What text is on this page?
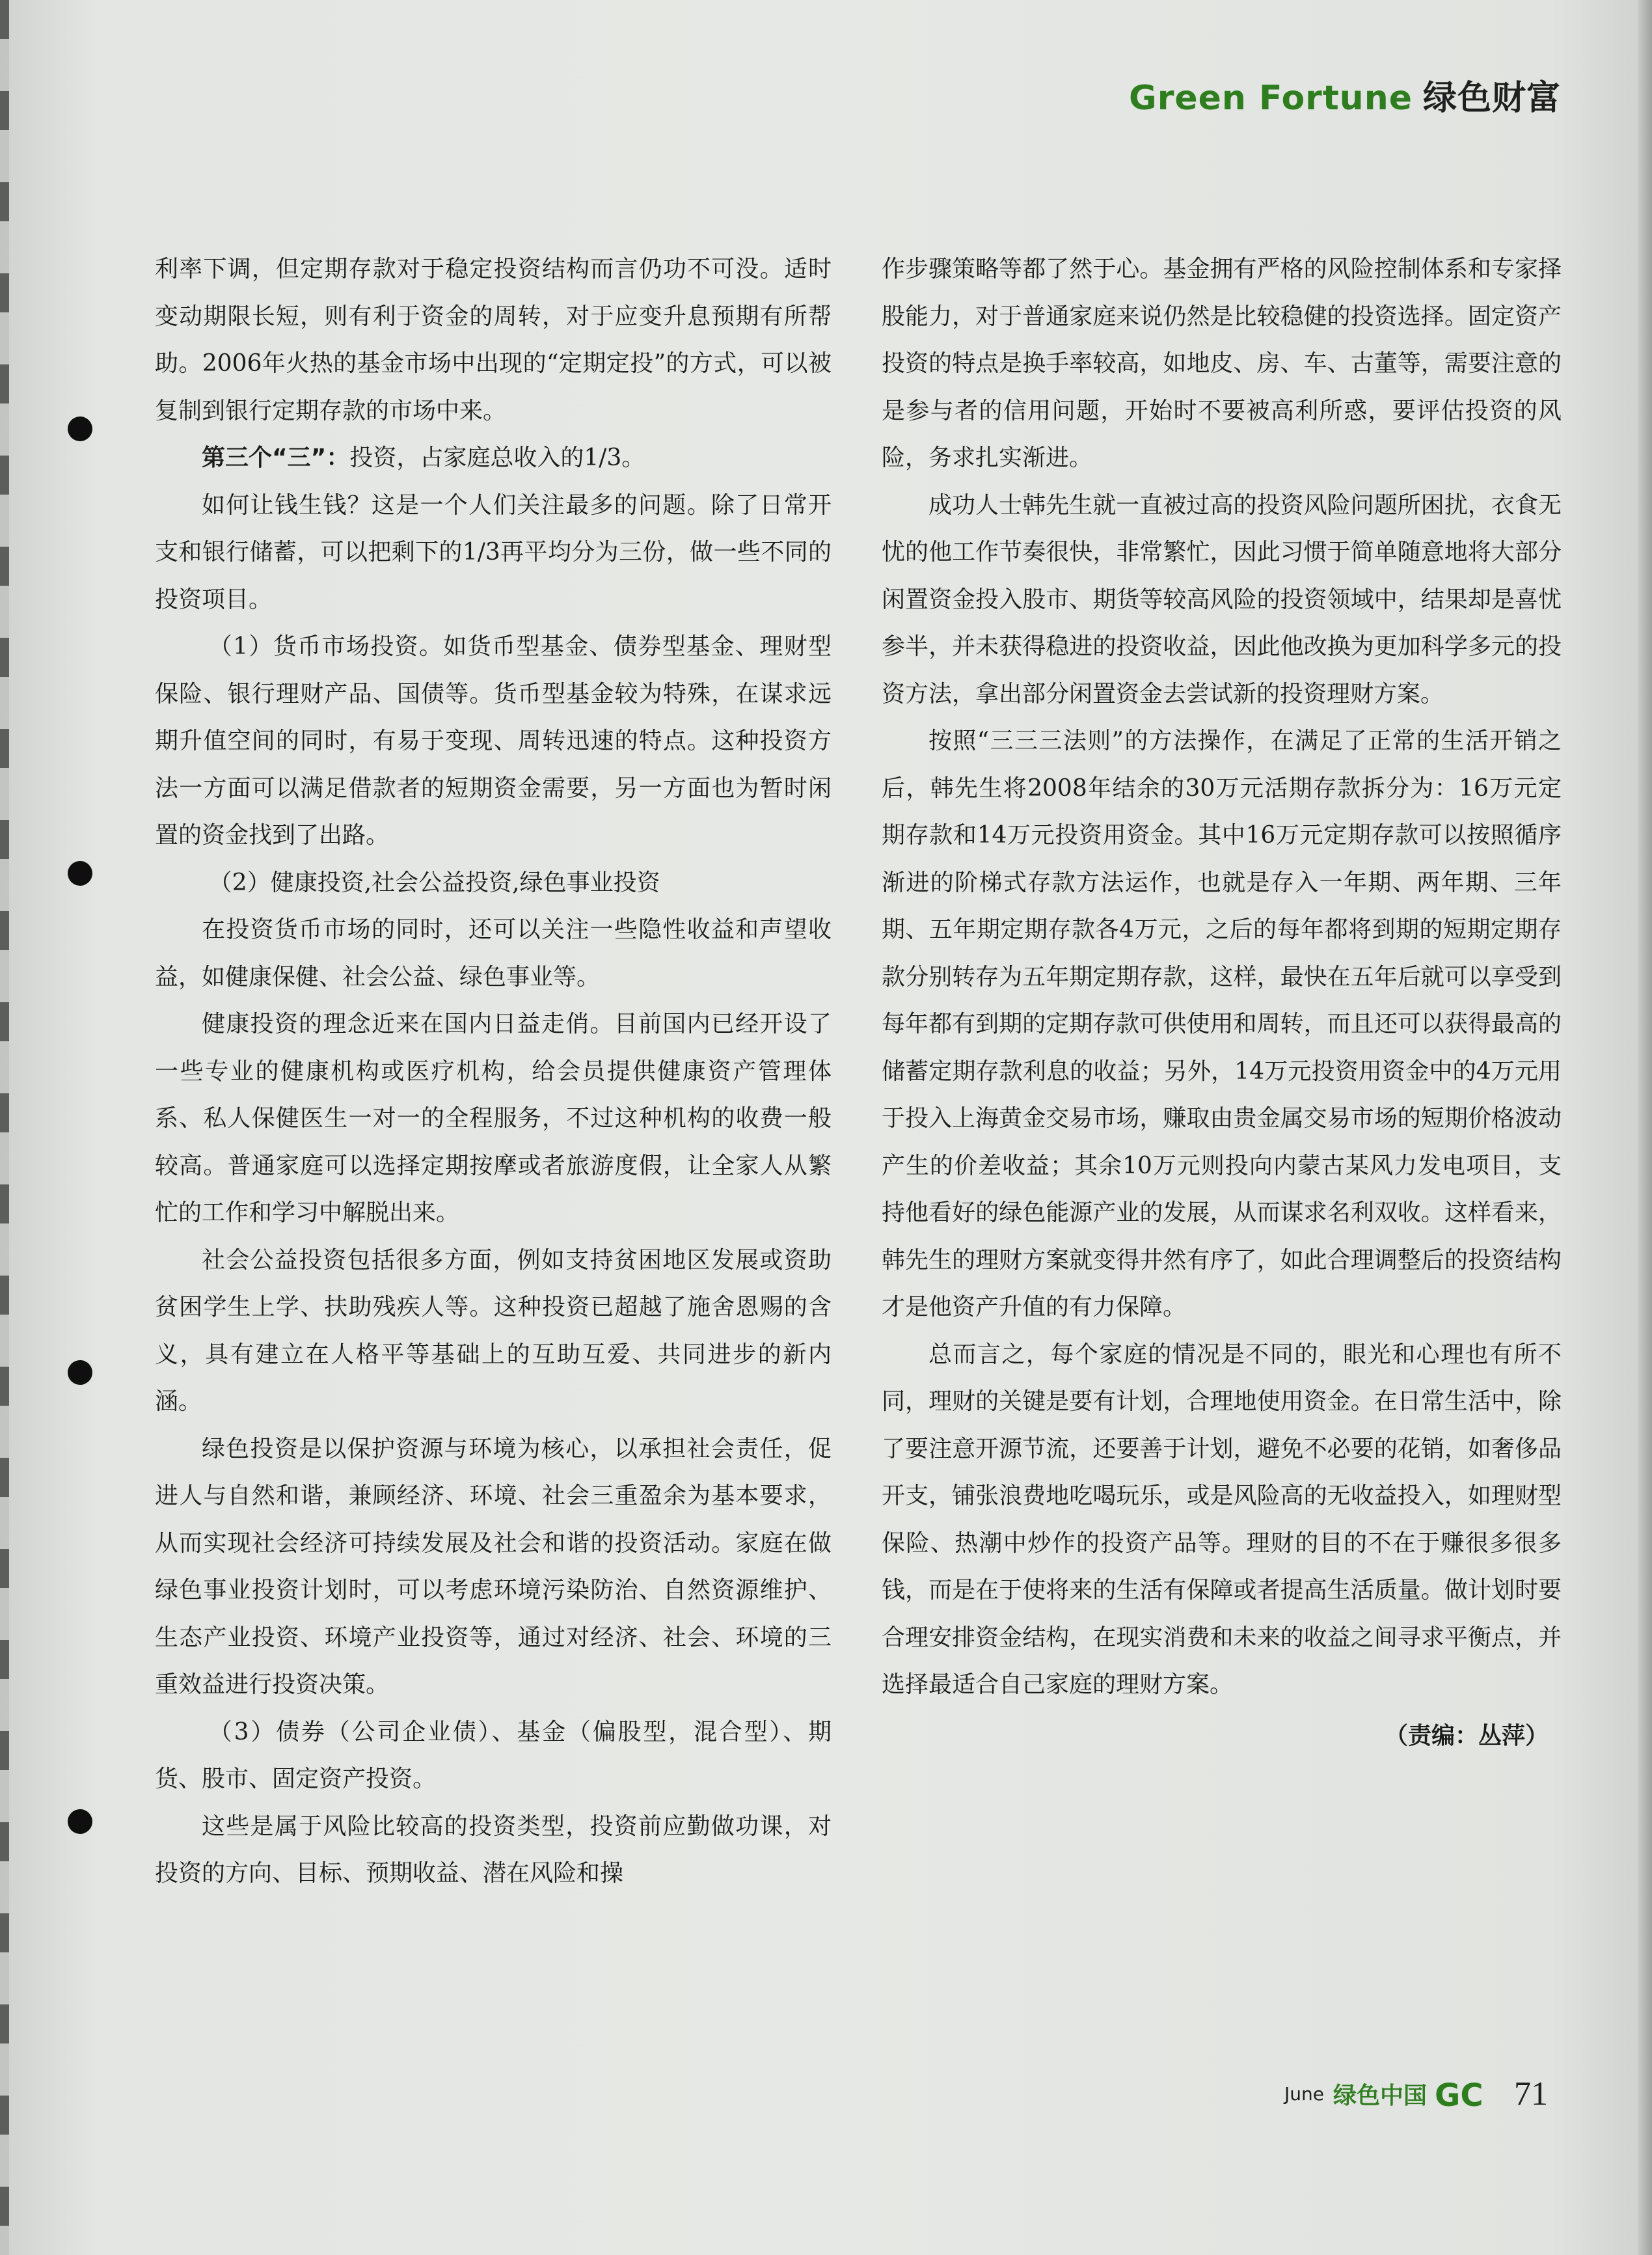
Green Fortune 绿色财富

利率下调，但定期存款对于稳定投资结构而言仍功不可没。适时变动期限长短，则有利于资金的周转，对于应变升息预期有所帮助。2006年火热的基金市场中出现的“定期定投”的方式，可以被复制到银行定期存款的市场中来。

第三个“三”：投资，占家庭总收入的1/3。

如何让钱生钱？这是一个人们关注最多的问题。除了日常开支和银行储蓄，可以把剩下的1/3再平均分为三份，做一些不同的投资项目。

（1）货币市场投资。如货币型基金、债券型基金、理财型保险、银行理财产品、国债等。货币型基金较为特殊，在谋求远期升值空间的同时，有易于变现、周转迅速的特点。这种投资方法一方面可以满足借款者的短期资金需要，另一方面也为暂时闲置的资金找到了出路。

（2）健康投资,社会公益投资,绿色事业投资

在投资货币市场的同时，还可以关注一些隐性收益和声望收益，如健康保健、社会公益、绿色事业等。

健康投资的理念近来在国内日益走俏。目前国内已经开设了一些专业的健康机构或医疗机构，给会员提供健康资产管理体系、私人保健医生一对一的全程服务，不过这种机构的收费一般较高。普通家庭可以选择定期按摩或者旅游度假，让全家人从繁忙的工作和学习中解脱出来。

社会公益投资包括很多方面，例如支持贫困地区发展或资助贫困学生上学、扶助残疾人等。这种投资已超越了施舍恩赐的含义，具有建立在人格平等基础上的互助互爱、共同进步的新内涵。

绿色投资是以保护资源与环境为核心，以承担社会责任，促进人与自然和谐，兼顾经济、环境、社会三重盈余为基本要求，从而实现社会经济可持续发展及社会和谐的投资活动。家庭在做绿色事业投资计划时，可以考虑环境污染防治、自然资源维护、生态产业投资、环境产业投资等，通过对经济、社会、环境的三重效益进行投资决策。

（3）债券（公司企业债）、基金（偏股型，混合型）、期货、股市、固定资产投资。

这些是属于风险比较高的投资类型，投资前应勤做功课，对投资的方向、目标、预期收益、潜在风险和操

作步骤策略等都了然于心。基金拥有严格的风险控制体系和专家择股能力，对于普通家庭来说仍然是比较稳健的投资选择。固定资产投资的特点是换手率较高，如地皮、房、车、古董等，需要注意的是参与者的信用问题，开始时不要被高利所惑，要评估投资的风险，务求扎实渐进。

成功人士韩先生就一直被过高的投资风险问题所困扰，衣食无忧的他工作节奏很快，非常繁忙，因此习惯于简单随意地将大部分闲置资金投入股市、期货等较高风险的投资领域中，结果却是喜忧参半，并未获得稳进的投资收益，因此他改换为更加科学多元的投资方法，拿出部分闲置资金去尝试新的投资理财方案。

按照“三三三法则”的方法操作，在满足了正常的生活开销之后，韩先生将2008年结余的30万元活期存款拆分为：16万元定期存款和14万元投资用资金。其中16万元定期存款可以按照循序渐进的阶梯式存款方法运作，也就是存入一年期、两年期、三年期、五年期定期存款各4万元，之后的每年都将到期的短期定期存款分别转存为五年期定期存款，这样，最快在五年后就可以享受到每年都有到期的定期存款可供使用和周转，而且还可以获得最高的储蓄定期存款利息的收益；另外，14万元投资用资金中的4万元用于投入上海黄金交易市场，赚取由贵金属交易市场的短期价格波动产生的价差收益；其余10万元则投向内蒙古某风力发电项目，支持他看好的绿色能源产业的发展，从而谋求名利双收。这样看来，韩先生的理财方案就变得井然有序了，如此合理调整后的投资结构才是他资产升值的有力保障。

总而言之，每个家庭的情况是不同的，眼光和心理也有所不同，理财的关键是要有计划，合理地使用资金。在日常生活中，除了要注意开源节流，还要善于计划，避免不必要的花销，如奢侈品开支，铺张浪费地吃喝玩乐，或是风险高的无收益投入，如理财型保险、热潮中炒作的投资产品等。理财的目的不在于赚很多很多钱，而是在于使将来的生活有保障或者提高生活质量。做计划时要合理安排资金结构，在现实消费和未来的收益之间寻求平衡点，并选择最适合自己家庭的理财方案。

（责编：丛萍）

June 绿色中国 GC 71
